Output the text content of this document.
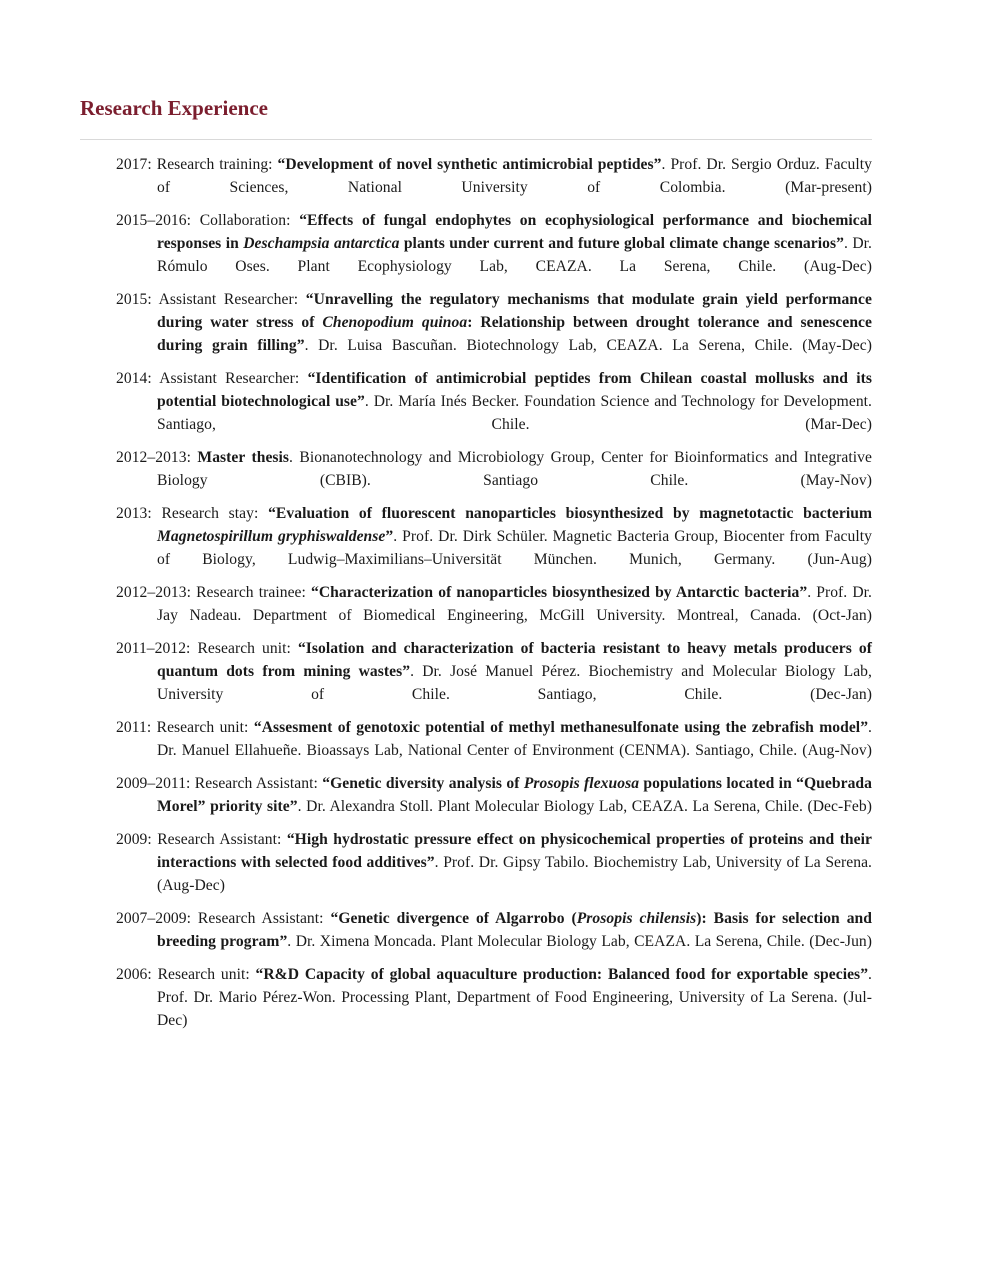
Research Experience
2017: Research training: “Development of novel synthetic antimicrobial peptides”. Prof. Dr. Sergio Orduz. Faculty of Sciences, National University of Colombia.	(Mar-present)
2015–2016: Collaboration: “Effects of fungal endophytes on ecophysiological performance and biochemical responses in Deschampsia antarctica plants under current and future global climate change scenarios”. Dr. Rómulo Oses. Plant Ecophysiology Lab, CEAZA. La Serena, Chile. (Aug-Dec)
2015: Assistant Researcher: “Unravelling the regulatory mechanisms that modulate grain yield performance during water stress of Chenopodium quinoa: Relationship between drought tolerance and senescence during grain filling”. Dr. Luisa Bascuñan. Biotechnology Lab, CEAZA. La Serena, Chile. (May-Dec)
2014: Assistant Researcher: “Identification of antimicrobial peptides from Chilean coastal mollusks and its potential biotechnological use”. Dr. María Inés Becker. Foundation Science and Technology for Development. Santiago, Chile.	(Mar-Dec)
2012–2013: Master thesis. Bionanotechnology and Microbiology Group, Center for Bioinformatics and Integrative Biology (CBIB). Santiago Chile.	(May-Nov)
2013: Research stay: “Evaluation of fluorescent nanoparticles biosynthesized by magnetotactic bacterium Magnetospirillum gryphiswaldense”. Prof. Dr. Dirk Schüler. Magnetic Bacteria Group, Biocenter from Faculty of Biology, Ludwig–Maximilians–Universität München. Munich, Germany. (Jun-Aug)
2012–2013: Research trainee: “Characterization of nanoparticles biosynthesized by Antarctic bacteria”. Prof. Dr. Jay Nadeau. Department of Biomedical Engineering, McGill University. Montreal, Canada. (Oct-Jan)
2011–2012: Research unit: “Isolation and characterization of bacteria resistant to heavy metals producers of quantum dots from mining wastes”. Dr. José Manuel Pérez. Biochemistry and Molecular Biology Lab, University of Chile. Santiago, Chile.	(Dec-Jan)
2011: Research unit: “Assesment of genotoxic potential of methyl methanesulfonate using the zebrafish model”. Dr. Manuel Ellahueñe. Bioassays Lab, National Center of Environment (CENMA). Santiago, Chile. (Aug-Nov)
2009–2011: Research Assistant: “Genetic diversity analysis of Prosopis flexuosa populations located in “Quebrada Morel” priority site”. Dr. Alexandra Stoll. Plant Molecular Biology Lab, CEAZA. La Serena, Chile. (Dec-Feb)
2009: Research Assistant: “High hydrostatic pressure effect on physicochemical properties of proteins and their interactions with selected food additives”. Prof. Dr. Gipsy Tabilo. Biochemistry Lab, University of La Serena. (Aug-Dec)
2007–2009: Research Assistant: “Genetic divergence of Algarrobo (Prosopis chilensis): Basis for selection and breeding program”. Dr. Ximena Moncada. Plant Molecular Biology Lab, CEAZA. La Serena, Chile. (Dec-Jun)
2006: Research unit: “R&D Capacity of global aquaculture production: Balanced food for exportable species”. Prof. Dr. Mario Pérez-Won. Processing Plant, Department of Food Engineering, University of La Serena. (Jul-Dec)
